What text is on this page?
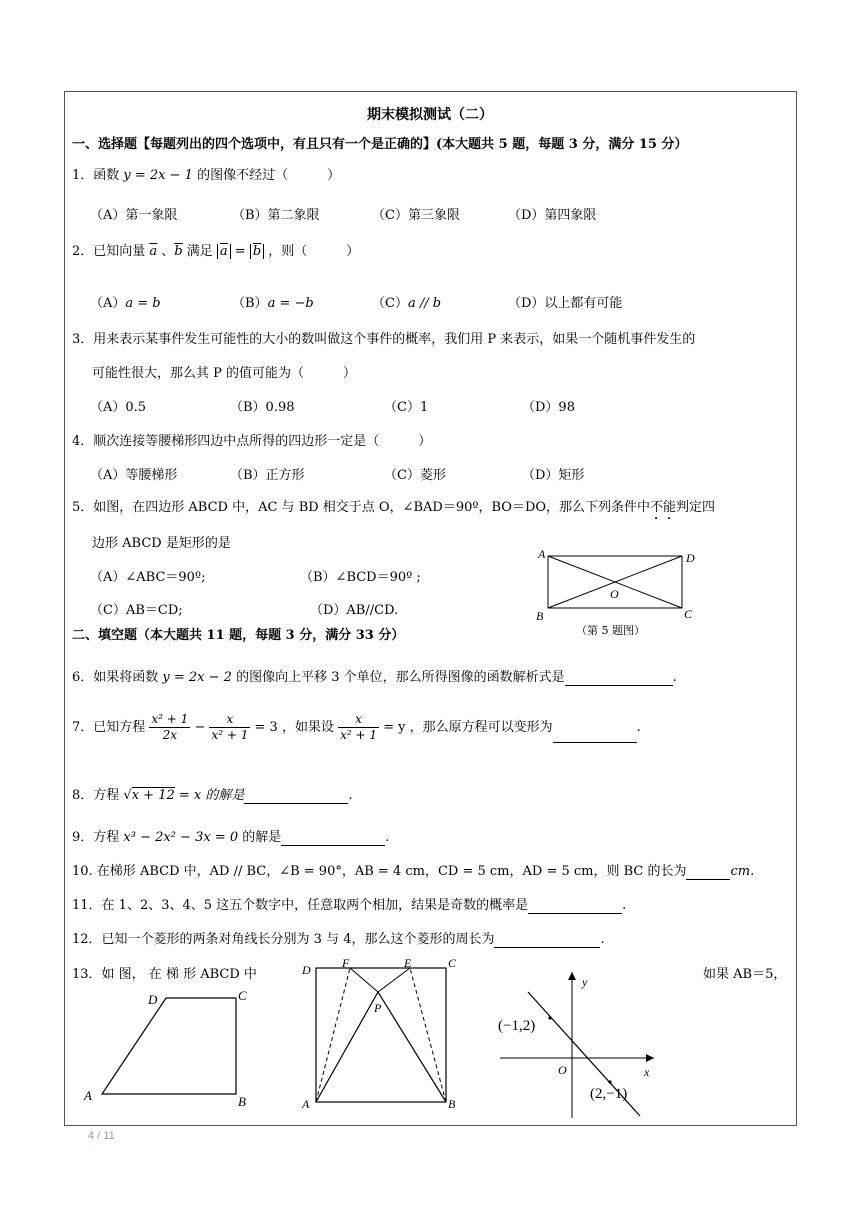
期末模拟测试（二）
一、选择题【每题列出的四个选项中，有且只有一个是正确的】(本大题共 5 题，每题 3 分，满分 15 分）
1．函数 y = 2x − 1 的图像不经过（　　　）
（A）第一象限	（B）第二象限	（C）第三象限	（D）第四象限
2．已知向量 $\overline{a}$ 、$\overline{b}$ 满足 $\overline{a} = \overline{b}$ ，则（　　　）
（A）a = b	（B）a = −b	（C）a // b	（D）以上都有可能
3．用来表示某事件发生可能性的大小的数叫做这个事件的概率，我们用 P 来表示，如果一个随机事件发生的
可能性很大，那么其 P 的值可能为（　　　）
（A）0.5	（B）0.98	（C）1	（D）98
4．顺次连接等腰梯形四边中点所得的四边形一定是（　　　）
（A）等腰梯形	（B）正方形	（C）菱形	（D）矩形
5．如图，在四边形 ABCD 中，AC 与 BD 相交于点 O，∠BAD＝90º，BO＝DO，那么下列条件中不能判定四
边形 ABCD 是矩形的是
（A）∠ABC＝90º;	（B）∠BCD＝90º ;
（C）AB＝CD;	（D）AB//CD.
A	D
O
B	C
（第 5 题图）
二、填空题（本大题共 11 题，每题 3 分，满分 33 分）
6．如果将函数 y = 2x − 2 的图像向上平移 3 个单位，那么所得图像的函数解析式是	.
7．已知方程 $\frac{\text{x² + 1}}{2x} - \frac{x}{\text{x² + 1}} = 3$ ，如果设 $\frac{x}{\text{x² + 1}} = y$ ，那么原方程可以变形为	.
8．方程 √x + 12 = x 的解是	.
9．方程 x³ − 2x² − 3x = 0 的解是	.
10. 在梯形 ABCD 中，AD // BC，∠B = 90°，AB = 4 cm，CD = 5 cm，AD = 5 cm，则 BC 的长为	cm.
11．在 1、2、3、4、5 这五个数字中，任意取两个相加，结果是奇数的概率是	.
12．已知一个菱形的两条对角线长分别为 3 与 4，那么这个菱形的周长为	.
13．如 图， 在 梯 形 ABCD 中	如果 AB＝5，
D	C
A	B
D	F	E	C
P
A	B
y
x
O
(−1,2)
(2,−1)
4 / 11
